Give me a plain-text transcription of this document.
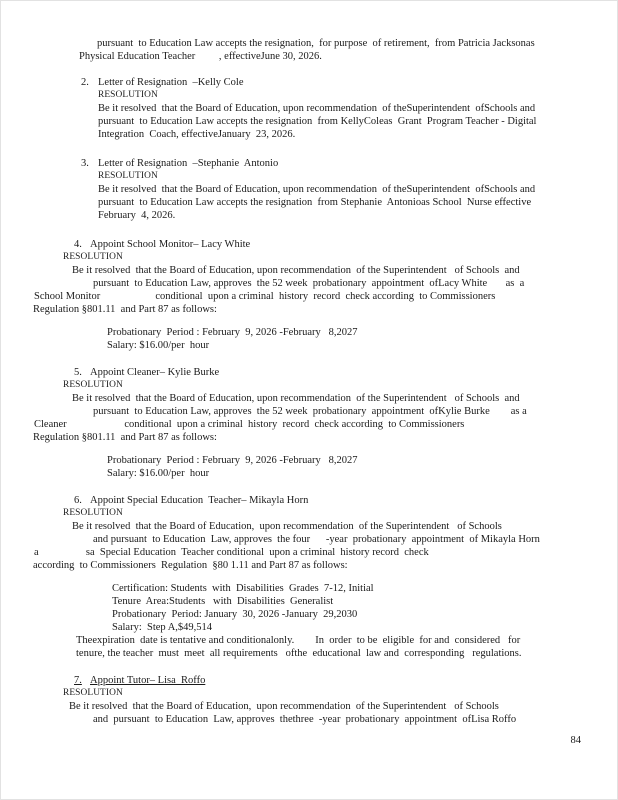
pursuant  to Education Law accepts the resignation,  for purpose  of retirement,  from Patricia Jacksonas
Physical Education Teacher         , effectiveJune 30, 2026.
2. Letter of Resignation  –Kelly Cole
RESOLUTION
Be it resolved  that the Board of Education, upon recommendation  of theSuperintendent  ofSchools and
pursuant  to Education Law accepts the resignation  from KellyColeas  Grant  Program Teacher - Digital
Integration  Coach, effectiveJanuary  23, 2026.
3. Letter of Resignation  –Stephanie  Antonio
RESOLUTION
Be it resolved  that the Board of Education, upon recommendation  of theSuperintendent  ofSchools and
pursuant  to Education Law accepts the resignation  from Stephanie  Antonioas School  Nurse effective
February  4, 2026.
4. Appoint School Monitor– Lacy White
RESOLUTION
Be it resolved  that the Board of Education, upon recommendation  of the Superintendent   of Schools  and
pursuant  to Education Law, approves  the 52 week  probationary  appointment  ofLacy White       as  a
School Monitor                     conditional  upon a criminal  history  record  check according  to Commissioners
Regulation §801.11  and Part 87 as follows:
Probationary  Period : February  9, 2026 -February   8,2027
Salary: $16.00/per  hour
5. Appoint Cleaner– Kylie Burke
RESOLUTION
Be it resolved  that the Board of Education, upon recommendation  of the Superintendent   of Schools  and
pursuant  to Education Law, approves  the 52 week  probationary  appointment  ofKylie Burke        as a
Cleaner                      conditional  upon a criminal  history  record  check according  to Commissioners
Regulation §801.11  and Part 87 as follows:
Probationary  Period : February  9, 2026 -February   8,2027
Salary: $16.00/per  hour
6. Appoint Special Education  Teacher– Mikayla Horn
RESOLUTION
Be it resolved  that the Board of Education,  upon recommendation  of the Superintendent   of Schools
and pursuant  to Education  Law, approves  the four      -year  probationary  appointment  of Mikayla Horn
a                  sa  Special Education  Teacher conditional  upon a criminal  history record  check
according  to Commissioners  Regulation  §80 1.11 and Part 87 as follows:
Certification: Students  with  Disabilities  Grades  7-12, Initial
Tenure  Area:Students   with  Disabilities  Generalist
Probationary  Period: January  30, 2026 -January  29,2030
Salary:  Step A,$49,514
Theexpiration  date is tentative and conditionalonly.        In  order  to be  eligible  for and  considered   for
tenure, the teacher  must  meet  all requirements   ofthe  educational  law and  corresponding   regulations.
7. Appoint Tutor– Lisa  Roffo
RESOLUTION
Be it resolved  that the Board of Education,  upon recommendation  of the Superintendent   of Schools
and  pursuant  to Education  Law, approves  thethree  -year  probationary  appointment  ofLisa Roffo
84
